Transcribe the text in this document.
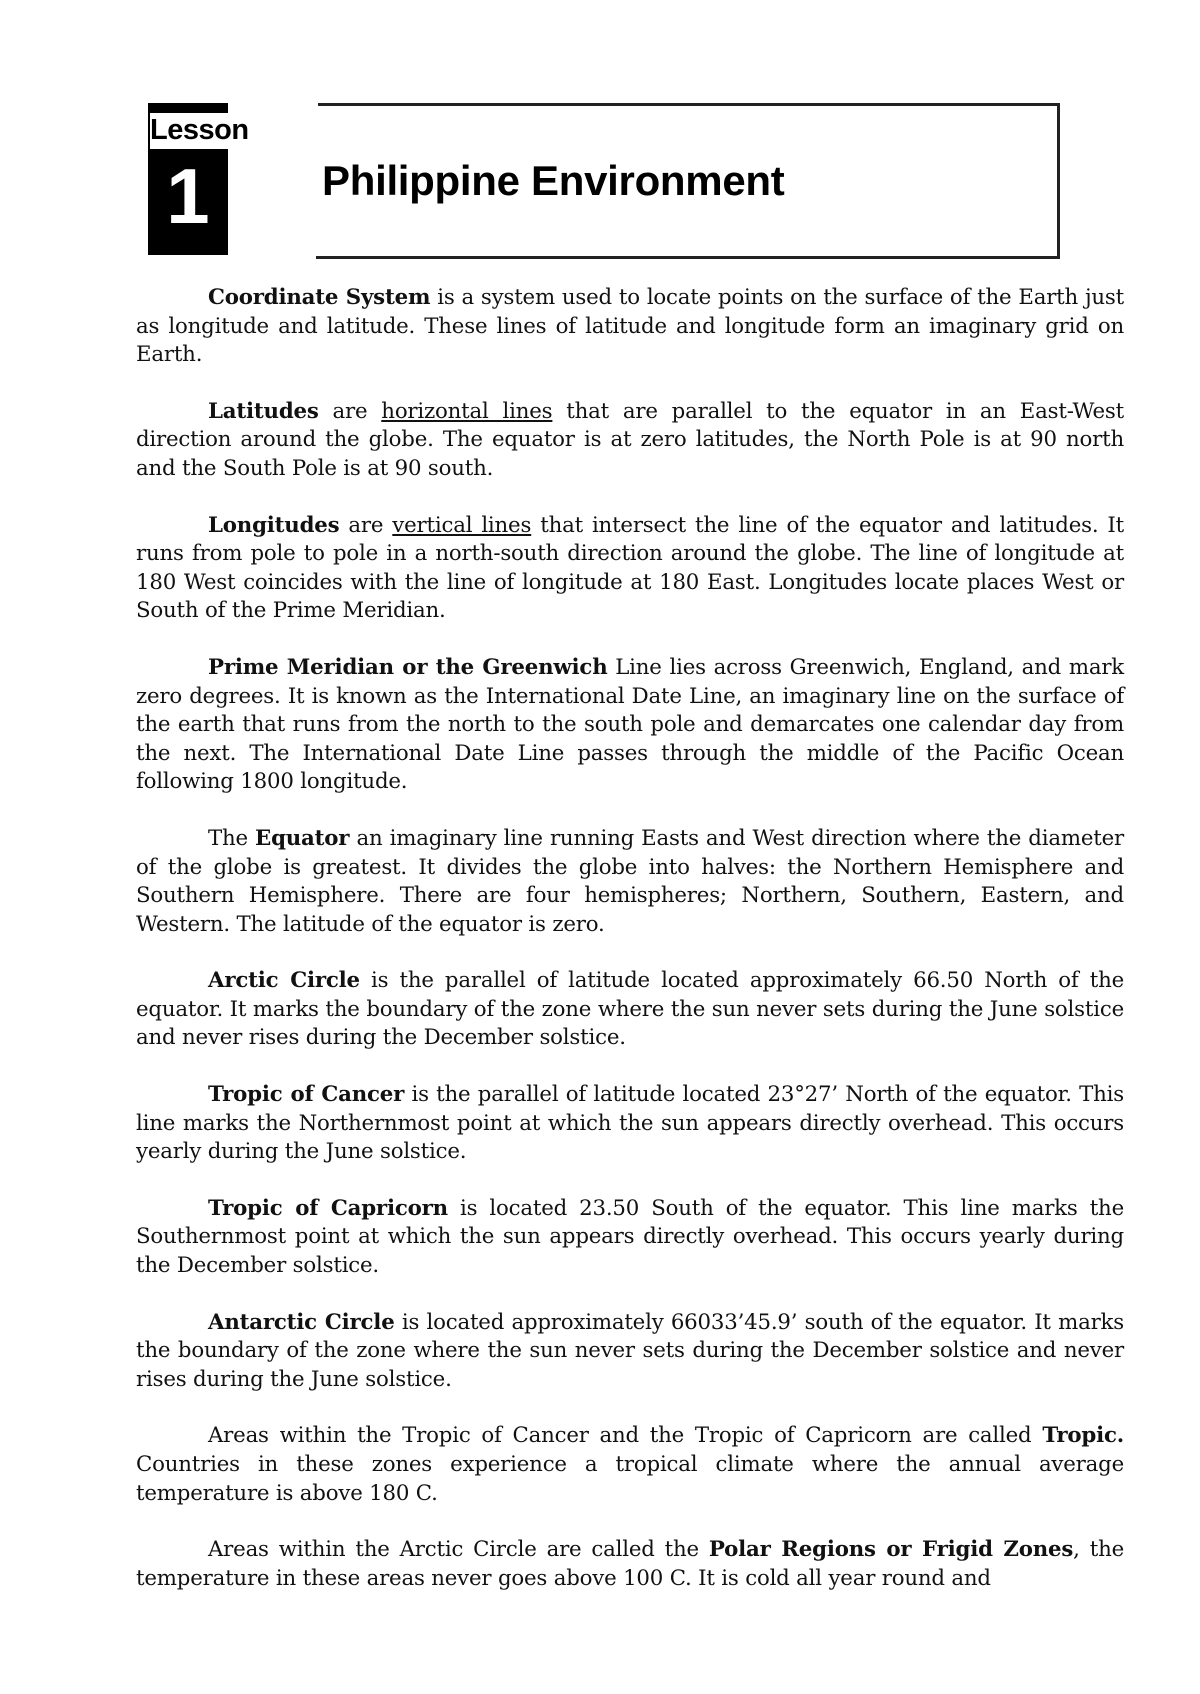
1
Lesson
Philippine Environment

Coordinate System is a system used to locate points on the surface of the Earth just as longitude and latitude. These lines of latitude and longitude form an imaginary grid on Earth.

Latitudes are horizontal lines that are parallel to the equator in an East-West direction around the globe. The equator is at zero latitudes, the North Pole is at 90 north and the South Pole is at 90 south.

Longitudes are vertical lines that intersect the line of the equator and latitudes. It runs from pole to pole in a north-south direction around the globe. The line of longitude at 180 West coincides with the line of longitude at 180 East. Longitudes locate places West or South of the Prime Meridian.

Prime Meridian or the Greenwich Line lies across Greenwich, England, and mark zero degrees. It is known as the International Date Line, an imaginary line on the surface of the earth that runs from the north to the south pole and demarcates one calendar day from the next. The International Date Line passes through the middle of the Pacific Ocean following 1800 longitude.

The Equator an imaginary line running Easts and West direction where the diameter of the globe is greatest. It divides the globe into halves: the Northern Hemisphere and Southern Hemisphere. There are four hemispheres; Northern, Southern, Eastern, and Western. The latitude of the equator is zero.

Arctic Circle is the parallel of latitude located approximately 66.50 North of the equator. It marks the boundary of the zone where the sun never sets during the June solstice and never rises during the December solstice.

Tropic of Cancer is the parallel of latitude located 23°27’ North of the equator. This line marks the Northernmost point at which the sun appears directly overhead. This occurs yearly during the June solstice.

Tropic of Capricorn is located 23.50 South of the equator. This line marks the Southernmost point at which the sun appears directly overhead. This occurs yearly during the December solstice.

Antarctic Circle is located approximately 66033’45.9’ south of the equator. It marks the boundary of the zone where the sun never sets during the December solstice and never rises during the June solstice.

Areas within the Tropic of Cancer and the Tropic of Capricorn are called Tropic. Countries in these zones experience a tropical climate where the annual average temperature is above 180 C.

Areas within the Arctic Circle are called the Polar Regions or Frigid Zones, the temperature in these areas never goes above 100 C. It is cold all year round and
